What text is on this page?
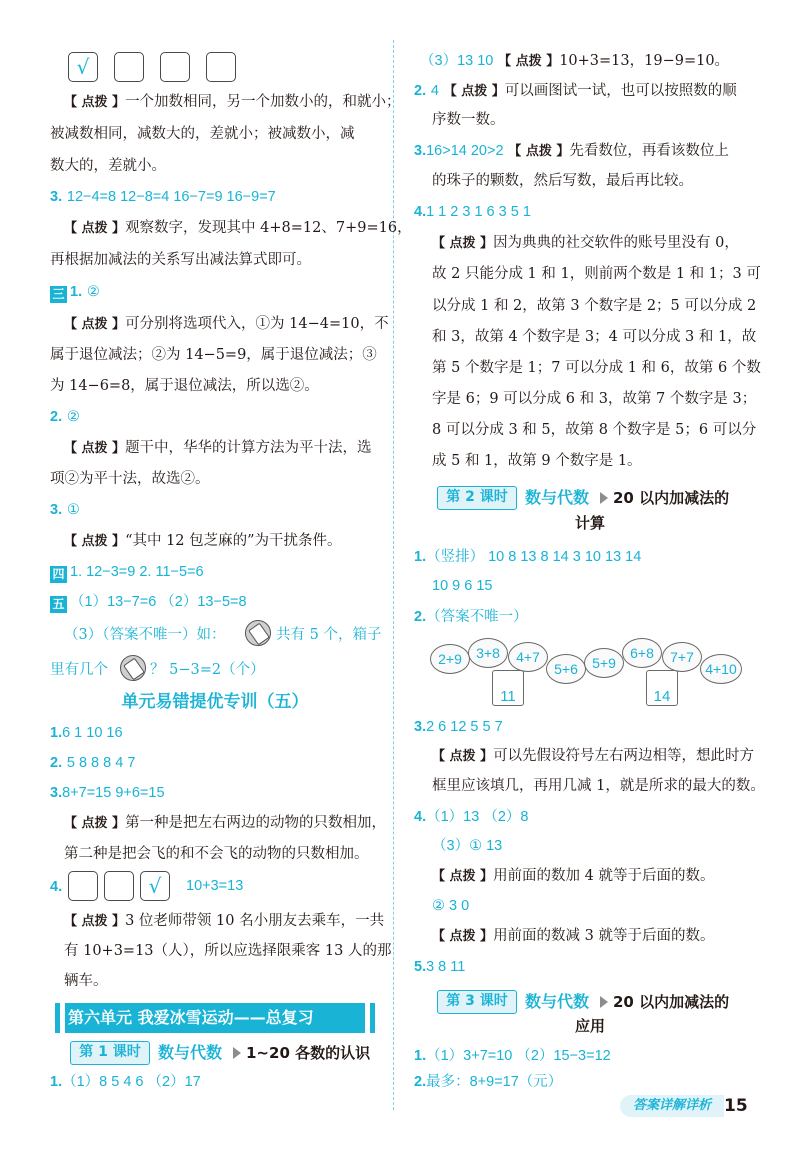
√
【 点拨 】一个加数相同，另一个加数小的，和就小；
被减数相同，减数大的，差就小；被减数小，减
数大的，差就小。
3. 12−4=8 12−8=4 16−7=9 16−9=7
【 点拨 】观察数字，发现其中 4+8=12、7+9=16，
再根据加减法的关系写出减法算式即可。
三 1. ②
【 点拨 】可分别将选项代入，①为 14−4=10，不
属于退位减法；②为 14−5=9，属于退位减法；③
为 14−6=8，属于退位减法，所以选②。
2. ②
【 点拨 】题干中，华华的计算方法为平十法，选
项②为平十法，故选②。
3. ①
【 点拨 】“其中 12 包芝麻的”为干扰条件。
四 1. 12−3=9 2. 11−5=6
五 （1）13−7=6 （2）13−5=8
（3）（答案不唯一）如：	共有 5 个，箱子
里有几个	？ 5−3=2（个）
单元易错提优专训（五）
1.6 1 10 16
2. 5 8 8 8 4 7
3.8+7=15 9+6=15
【 点拨 】第一种是把左右两边的动物的只数相加，
第二种是把会飞的和不会飞的动物的只数相加。
4.	√	10+3=13
【 点拨 】3 位老师带领 10 名小朋友去乘车，一共
有 10+3=13（人），所以应选择限乘客 13 人的那
辆车。
第六单元 我爱冰雪运动——总复习
第 1 课时	数与代数 1~20 各数的认识
1.（1）8 5 4 6 （2）17
（3）13 10 【 点拨 】10+3=13，19−9=10。
2. 4 【 点拨 】可以画图试一试，也可以按照数的顺
序数一数。
3.16>14 20>2 【 点拨 】先看数位，再看该数位上
的珠子的颗数，然后写数，最后再比较。
4.1 1 2 3 1 6 3 5 1
【 点拨 】因为典典的社交软件的账号里没有 0，
故 2 只能分成 1 和 1，则前两个数是 1 和 1；3 可
以分成 1 和 2，故第 3 个数字是 2；5 可以分成 2
和 3，故第 4 个数字是 3；4 可以分成 3 和 1，故
第 5 个数字是 1；7 可以分成 1 和 6，故第 6 个数
字是 6；9 可以分成 6 和 3，故第 7 个数字是 3；
8 可以分成 3 和 5，故第 8 个数字是 5；6 可以分
成 5 和 1，故第 9 个数字是 1。
第 2 课时	数与代数 20 以内加减法的
计算
1.（竖排） 10 8 13 8 14 3 10 13 14
10 9 6 15
2.（答案不唯一）
11
2+9	3+8	4+7
5+6
14
5+9
6+8	7+7
4+10
3.2 6 12 5 5 7
【 点拨 】可以先假设符号左右两边相等，想此时方
框里应该填几，再用几减 1，就是所求的最大的数。
4.（1）13 （2）8
（3）① 13
【 点拨 】用前面的数加 4 就等于后面的数。
② 3 0
【 点拨 】用前面的数减 3 就等于后面的数。
5.3 8 11
第 3 课时	数与代数 20 以内加减法的
应用
1.（1）3+7=10 （2）15−3=12
2.最多：8+9=17（元）
答案详解详析 15
